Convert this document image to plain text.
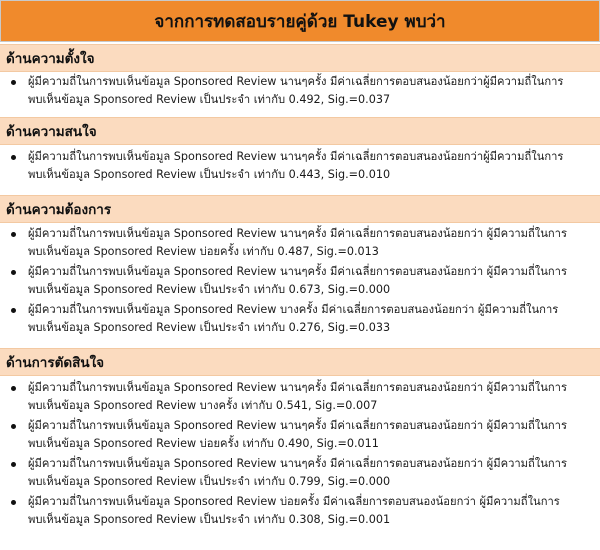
จากการทดสอบรายคู่ด้วย Tukey พบว่า
ด้านความตั้งใจ
ผู้มีความถี่ในการพบเห็นข้อมูล Sponsored Review นานๆครั้ง มีค่าเฉลี่ยการตอบสนองน้อยกว่าผู้มีความถี่ในการพบเห็นข้อมูล Sponsored Review เป็นประจำ เท่ากับ 0.492, Sig.=0.037
ด้านความสนใจ
ผู้มีความถี่ในการพบเห็นข้อมูล Sponsored Review นานๆครั้ง มีค่าเฉลี่ยการตอบสนองน้อยกว่าผู้มีความถี่ในการพบเห็นข้อมูล Sponsored Review เป็นประจำ เท่ากับ 0.443, Sig.=0.010
ด้านความต้องการ
ผู้มีความถี่ในการพบเห็นข้อมูล Sponsored Review นานๆครั้ง มีค่าเฉลี่ยการตอบสนองน้อยกว่า ผู้มีความถี่ในการพบเห็นข้อมูล Sponsored Review บ่อยครั้ง เท่ากับ 0.487, Sig.=0.013
ผู้มีความถี่ในการพบเห็นข้อมูล Sponsored Review นานๆครั้ง มีค่าเฉลี่ยการตอบสนองน้อยกว่า ผู้มีความถี่ในการพบเห็นข้อมูล Sponsored Review เป็นประจำ เท่ากับ 0.673, Sig.=0.000
ผู้มีความถี่ในการพบเห็นข้อมูล Sponsored Review บางครั้ง มีค่าเฉลี่ยการตอบสนองน้อยกว่า ผู้มีความถี่ในการพบเห็นข้อมูล Sponsored Review เป็นประจำ เท่ากับ 0.276, Sig.=0.033
ด้านการตัดสินใจ
ผู้มีความถี่ในการพบเห็นข้อมูล Sponsored Review นานๆครั้ง มีค่าเฉลี่ยการตอบสนองน้อยกว่า ผู้มีความถี่ในการพบเห็นข้อมูล Sponsored Review บางครั้ง เท่ากับ 0.541, Sig.=0.007
ผู้มีความถี่ในการพบเห็นข้อมูล Sponsored Review นานๆครั้ง มีค่าเฉลี่ยการตอบสนองน้อยกว่า ผู้มีความถี่ในการพบเห็นข้อมูล Sponsored Review บ่อยครั้ง เท่ากับ 0.490, Sig.=0.011
ผู้มีความถี่ในการพบเห็นข้อมูล Sponsored Review นานๆครั้ง มีค่าเฉลี่ยการตอบสนองน้อยกว่า ผู้มีความถี่ในการพบเห็นข้อมูล Sponsored Review เป็นประจำ เท่ากับ 0.799, Sig.=0.000
ผู้มีความถี่ในการพบเห็นข้อมูล Sponsored Review บ่อยครั้ง มีค่าเฉลี่ยการตอบสนองน้อยกว่า ผู้มีความถี่ในการพบเห็นข้อมูล Sponsored Review เป็นประจำ เท่ากับ 0.308, Sig.=0.001
